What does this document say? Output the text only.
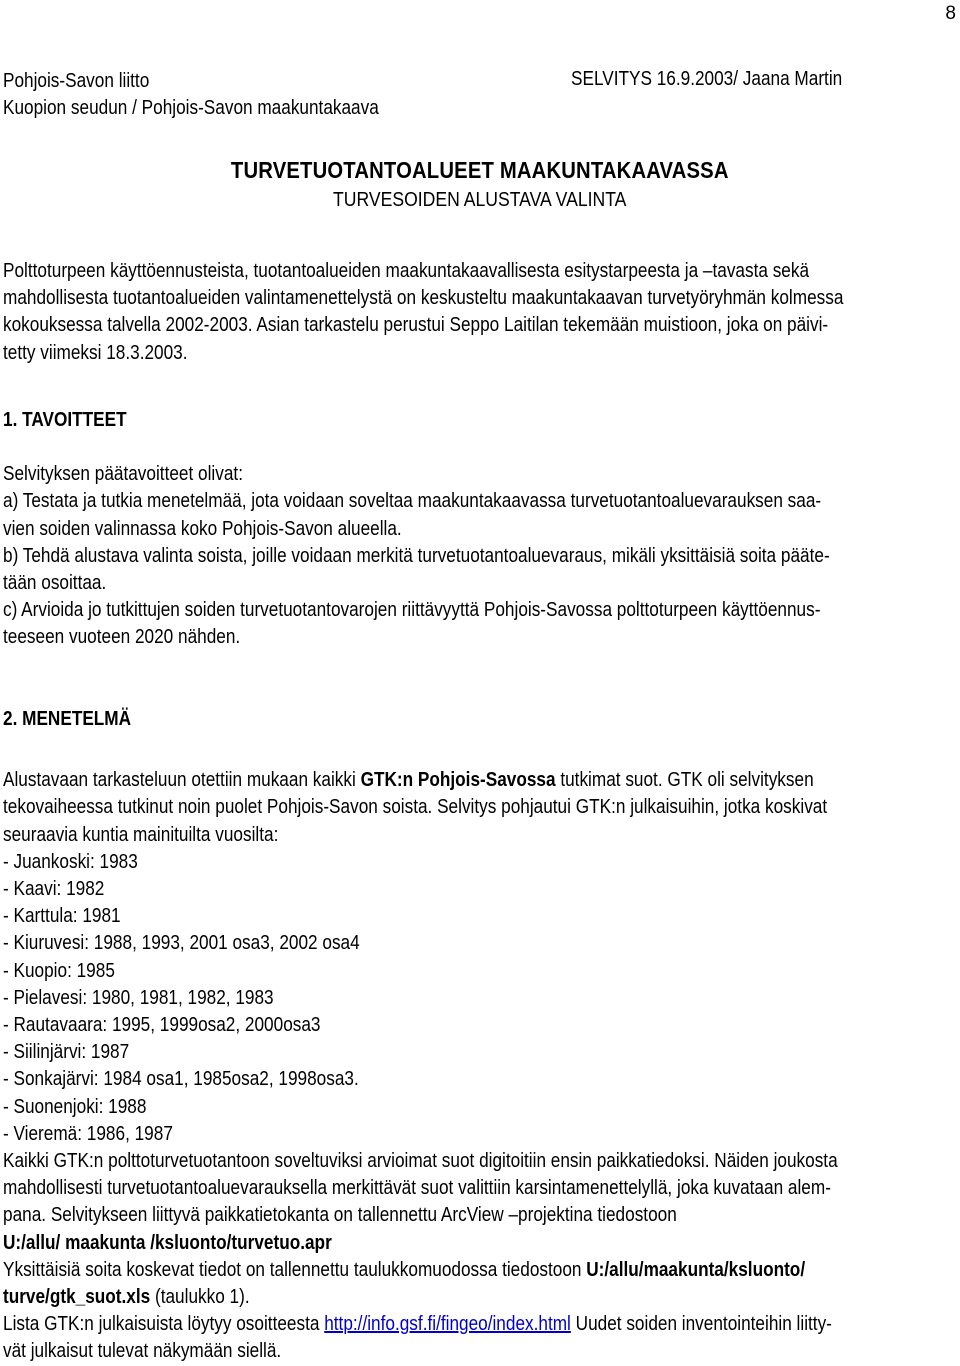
8
Pohjois-Savon liitto
Kuopion seudun / Pohjois-Savon maakuntakaava
SELVITYS 16.9.2003/ Jaana Martin
TURVETUOTANTOALUEET MAAKUNTAKAAVASSA
TURVESOIDEN ALUSTAVA VALINTA
Polttoturpeen käyttöennusteista, tuotantoalueiden maakuntakaavallisesta esitystarpeesta ja –tavasta sekä
mahdollisesta tuotantoalueiden valintamenettelystä on keskusteltu maakuntakaavan turvetyöryhmän kolmessa
kokouksessa talvella 2002-2003. Asian tarkastelu perustui Seppo Laitilan tekemään muistioon, joka on päivi-
tetty viimeksi 18.3.2003.
1. TAVOITTEET
Selvityksen päätavoitteet olivat:
a) Testata ja tutkia menetelmää, jota voidaan soveltaa maakuntakaavassa turvetuotantoaluevarauksen saa-
vien soiden valinnassa koko Pohjois-Savon alueella.
b) Tehdä alustava valinta soista, joille voidaan merkitä turvetuotantoaluevaraus, mikäli yksittäisiä soita pääte-
tään osoittaa.
c) Arvioida jo tutkittujen soiden turvetuotantovarojen riittävyyttä Pohjois-Savossa polttoturpeen käyttöennus-
teeseen vuoteen 2020 nähden.
2. MENETELMÄ
Alustavaan tarkasteluun otettiin mukaan kaikki GTK:n Pohjois-Savossa tutkimat suot. GTK oli selvityksen
tekovaiheessa tutkinut noin puolet Pohjois-Savon soista. Selvitys pohjautui GTK:n julkaisuihin, jotka koskivat
seuraavia kuntia mainituilta vuosilta:
- Juankoski: 1983
- Kaavi: 1982
- Karttula: 1981
- Kiuruvesi: 1988, 1993, 2001 osa3, 2002 osa4
- Kuopio: 1985
- Pielavesi: 1980, 1981, 1982, 1983
- Rautavaara: 1995, 1999osa2, 2000osa3
- Siilinjärvi: 1987
- Sonkajärvi: 1984 osa1, 1985osa2, 1998osa3.
- Suonenjoki: 1988
- Vieremä: 1986, 1987
Kaikki GTK:n polttoturvetuotantoon soveltuviksi arvioimat suot digitoitiin ensin paikkatiedoksi. Näiden joukosta
mahdollisesti turvetuotantoaluevarauksella merkittävät suot valittiin karsintamenettelyllä, joka kuvataan alem-
pana. Selvitykseen liittyvä paikkatietokanta on tallennettu ArcView –projektina tiedostoon
U:/allu/ maakunta /ksluonto/turvetuo.apr
Yksittäisiä soita koskevat tiedot on tallennettu taulukkomuodossa tiedostoon U:/allu/maakunta/ksluonto/
turve/gtk_suot.xls (taulukko 1).
Lista GTK:n julkaisuista löytyy osoitteesta http://info.gsf.fi/fingeo/index.html Uudet soiden inventointeihin liitty-
vät julkaisut tulevat näkymään siellä.
